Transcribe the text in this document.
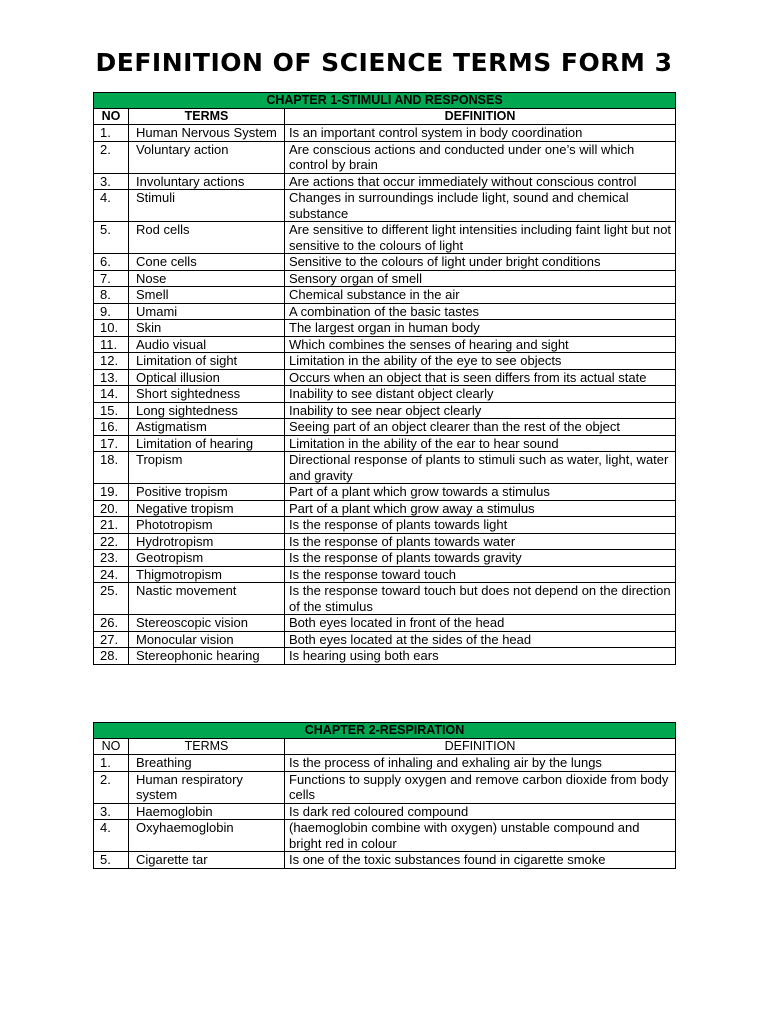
DEFINITION OF SCIENCE TERMS FORM 3
CHAPTER 1-STIMULI AND RESPONSES		
NO	TERMS	DEFINITION
1.	Human Nervous System	Is an important control system in body coordination
2.	Voluntary action	Are conscious actions and conducted under one’s will which control by brain
3.	Involuntary actions	Are actions that occur immediately without conscious control
4.	Stimuli	Changes in surroundings include light, sound and chemical substance
5.	Rod cells	Are sensitive to different light intensities including faint light but not sensitive to the colours of light
6.	Cone cells	Sensitive to the colours of light under bright conditions
7.	Nose	Sensory organ of smell
8.	Smell	Chemical substance in the air
9.	Umami	A combination of the basic tastes
10.	Skin	The largest organ in human body
11.	Audio visual	Which combines the senses of hearing and sight
12.	Limitation of sight	Limitation in the ability of the eye to see objects
13.	Optical illusion	Occurs when an object that is seen differs from its actual state
14.	Short sightedness	Inability to see distant object clearly
15.	Long sightedness	Inability to see near object clearly
16.	Astigmatism	Seeing part of an object clearer than the rest of the object
17.	Limitation of hearing	Limitation in the ability of the ear to hear sound
18.	Tropism	Directional response of plants to stimuli such as water, light, water and gravity
19.	Positive tropism	Part of a plant which grow towards a stimulus
20.	Negative tropism	Part of a plant which grow away a stimulus
21.	Phototropism	Is the response of plants towards light
22.	Hydrotropism	Is the response of plants towards water
23.	Geotropism	Is the response of plants towards gravity
24.	Thigmotropism	Is the response toward touch
25.	Nastic movement	Is the response toward touch but does not depend on the direction of the stimulus
26.	Stereoscopic vision	Both eyes located in front of the head
27.	Monocular vision	Both eyes located at the sides of the head
28.	Stereophonic hearing	Is hearing using both ears
CHAPTER 2-RESPIRATION		
NO	TERMS	DEFINITION
1.	Breathing	Is the process of inhaling and exhaling air by the lungs
2.	Human respiratory system	Functions to supply oxygen and remove carbon dioxide from body cells
3.	Haemoglobin	Is dark red coloured compound
4.	Oxyhaemoglobin	(haemoglobin combine with oxygen) unstable compound and bright red in colour
5.	Cigarette tar	Is one of the toxic substances found in cigarette smoke
